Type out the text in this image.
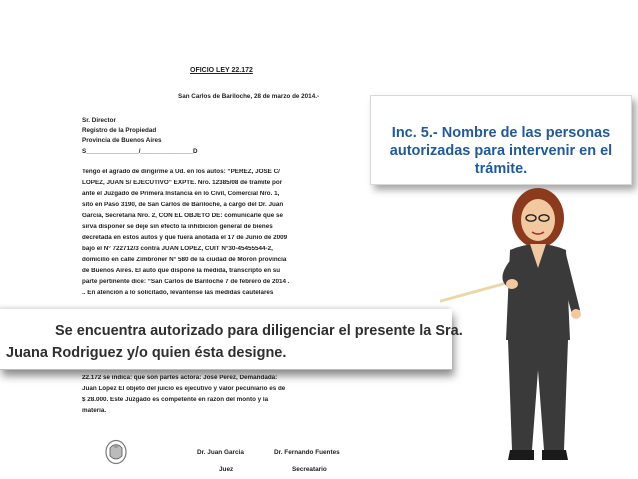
OFICIO LEY 22.172
San Carlos de Bariloche, 28 de marzo de 2014.-
Sr. Director
Registro de la Propiedad
Provincia de Buenos Aires
S_______________/_______________D
Tengo el agrado de dirigirme a Ud. en los autos: “PEREZ, JOSÉ C/
LOPEZ, JUAN S/ EJECUTIVO” EXPTE. Nro. 12385/08 de trámite por
ante el Juzgado de Primera Instancia en lo Civil, Comercial Nro. 1,
sito en Paso 3190, de San Carlos de Bariloche, a cargo del Dr. Juan
Garcia, Secretaria Nro. 2, CON EL OBJETO DE: comunicarle que se
sirva disponer se deje sin efecto la inhibición general de bienes
decretada en estos autos y que fuera anotada el 17 de Junio de 2009
bajo el N° 722712/3 contra JUAN LOPEZ, CUIT N°30-45455544-2,
domicilio en calle Zimbroner N° 580 de la ciudad de Morón provincia
de Buenos Aires. El auto que dispone la medida, transcripto en su
parte pertinente dice: “San Carlos de Bariloche 7 de febrero de 2014 .
.. En atención a lo solicitado, levántense las medidas cautelares
22.172 se indica: que son partes actora: José Perez, Demandada:
Juan López El objeto del juicio es ejecutivo y valor pecuniario es de
$ 28.000. Éste Juzgado es competente en razón del monto y la
materia.
Dr. Juan Garcia
Juez
Dr. Fernando Fuentes
Secreatario
Se encuentra autorizado para diligenciar el presente la Sra.
Juana Rodriguez y/o quien ésta designe.
Inc. 5.- Nombre de las personas autorizadas para intervenir en el trámite.
